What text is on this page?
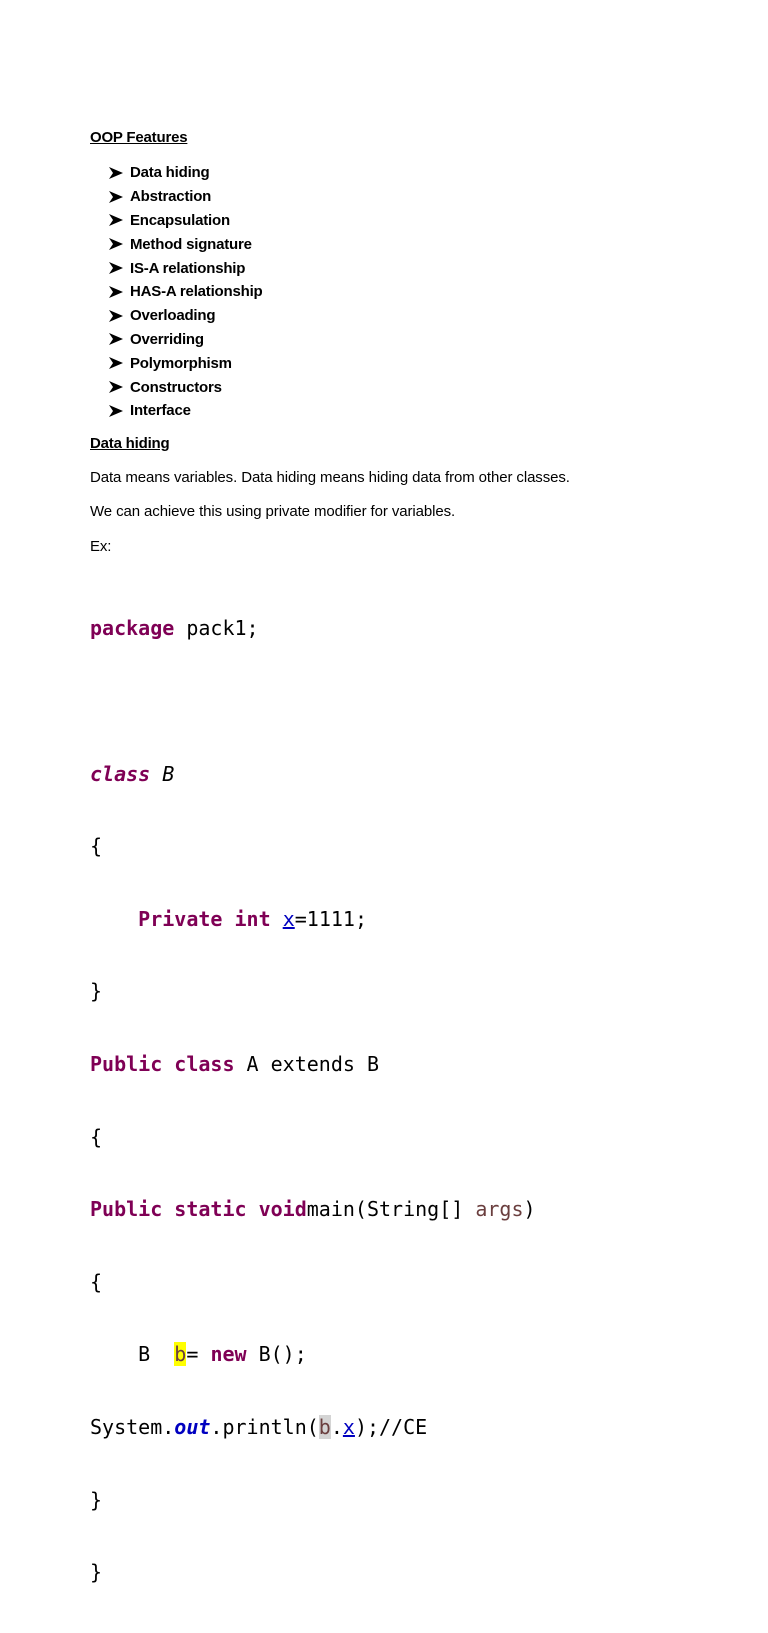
OOP Features
Data hiding
Abstraction
Encapsulation
Method signature
IS-A relationship
HAS-A relationship
Overloading
Overriding
Polymorphism
Constructors
Interface
Data hiding
Data means variables. Data hiding means hiding data from other classes.
We can achieve this using private modifier for variables.
Ex:

package pack1;

class B

{

Private int x=1111;

}

Public class A extends B

{

Public static voidmain(String[] args)

{

B  b= new B();

System.out.println(b.x);//CE

}

}
